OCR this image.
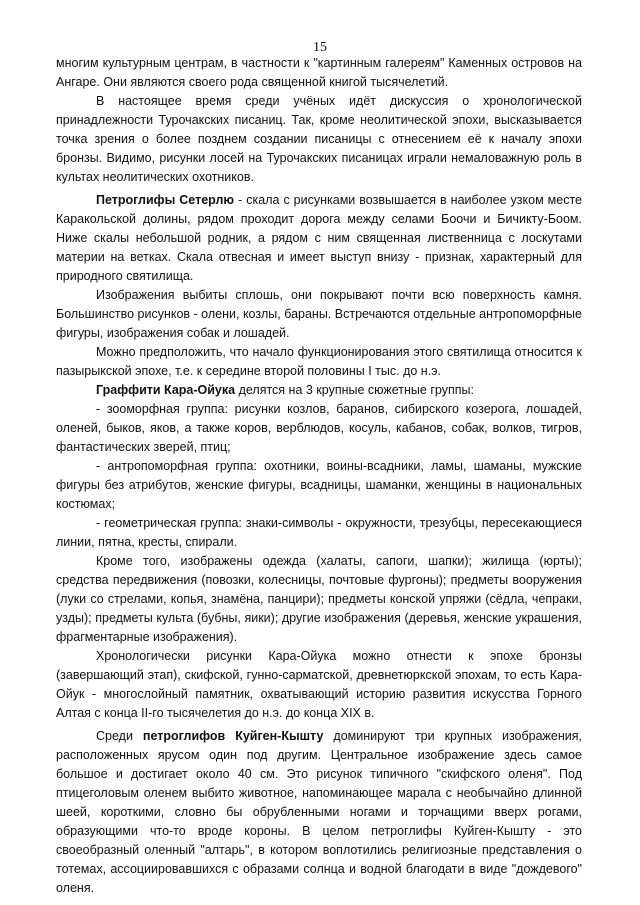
15

многим культурным центрам, в частности к "картинным галереям" Каменных островов на Ангаре. Они являются своего рода священной книгой тысячелетий.

В настоящее время среди учёных идёт дискуссия о хронологической принадлежности Турочакских писаниц. Так, кроме неолитической эпохи, высказывается точка зрения о более позднем создании писаницы с отнесением её к началу эпохи бронзы. Видимо, рисунки лосей на Турочакских писаницах играли немаловажную роль в культах неолитических охотников.

Петроглифы Сетерлю - скала с рисунками возвышается в наиболее узком месте Каракольской долины, рядом проходит дорога между селами Боочи и Бичикту-Боом. Ниже скалы небольшой родник, а рядом с ним священная лиственница с лоскутами материи на ветках. Скала отвесная и имеет выступ внизу - признак, характерный для природного святилища.

Изображения выбиты сплошь, они покрывают почти всю поверхность камня. Большинство рисунков - олени, козлы, бараны. Встречаются отдельные антропоморфные фигуры, изображения собак и лошадей.

Можно предположить, что начало функционирования этого святилища относится к пазырыкской эпохе, т.е. к середине второй половины I тыс. до н.э.

Граффити Кара-Ойука делятся на 3 крупные сюжетные группы:

- зооморфная группа: рисунки козлов, баранов, сибирского козерога, лошадей, оленей, быков, яков, а также коров, верблюдов, косуль, кабанов, собак, волков, тигров, фантастических зверей, птиц;

- антропоморфная группа: охотники, воины-всадники, ламы, шаманы, мужские фигуры без атрибутов, женские фигуры, всадницы, шаманки, женщины в национальных костюмах;

- геометрическая группа: знаки-символы - окружности, трезубцы, пересекающиеся линии, пятна, кресты, спирали.

Кроме того, изображены одежда (халаты, сапоги, шапки); жилища (юрты); средства передвижения (повозки, колесницы, почтовые фургоны); предметы вооружения (луки со стрелами, копья, знамёна, панцири); предметы конской упряжи (сёдла, чепраки, узды); предметы культа (бубны, яики); другие изображения (деревья, женские украшения, фрагментарные изображения).

Хронологически рисунки Кара-Ойука можно отнести к эпохе бронзы (завершающий этап), скифской, гунно-сарматской, древнетюркской эпохам, то есть Кара-Ойук - многослойный памятник, охватывающий историю развития искусства Горного Алтая с конца II-го тысячелетия до н.э. до конца XIX в.

Среди петроглифов Куйген-Кышту доминируют три крупных изображения, расположенных ярусом один под другим. Центральное изображение здесь самое большое и достигает около 40 см. Это рисунок типичного "скифского оленя". Под птицеголовым оленем выбито животное, напоминающее марала с необычайно длинной шеей, короткими, словно бы обрубленными ногами и торчащими вверх рогами, образующими что-то вроде короны. В целом петроглифы Куйген-Кышту - это своеобразный оленный "алтарь", в котором воплотились религиозные представления о тотемах, ассоциировавшихся с образами солнца и водной благодати в виде "дождевого" оленя.
